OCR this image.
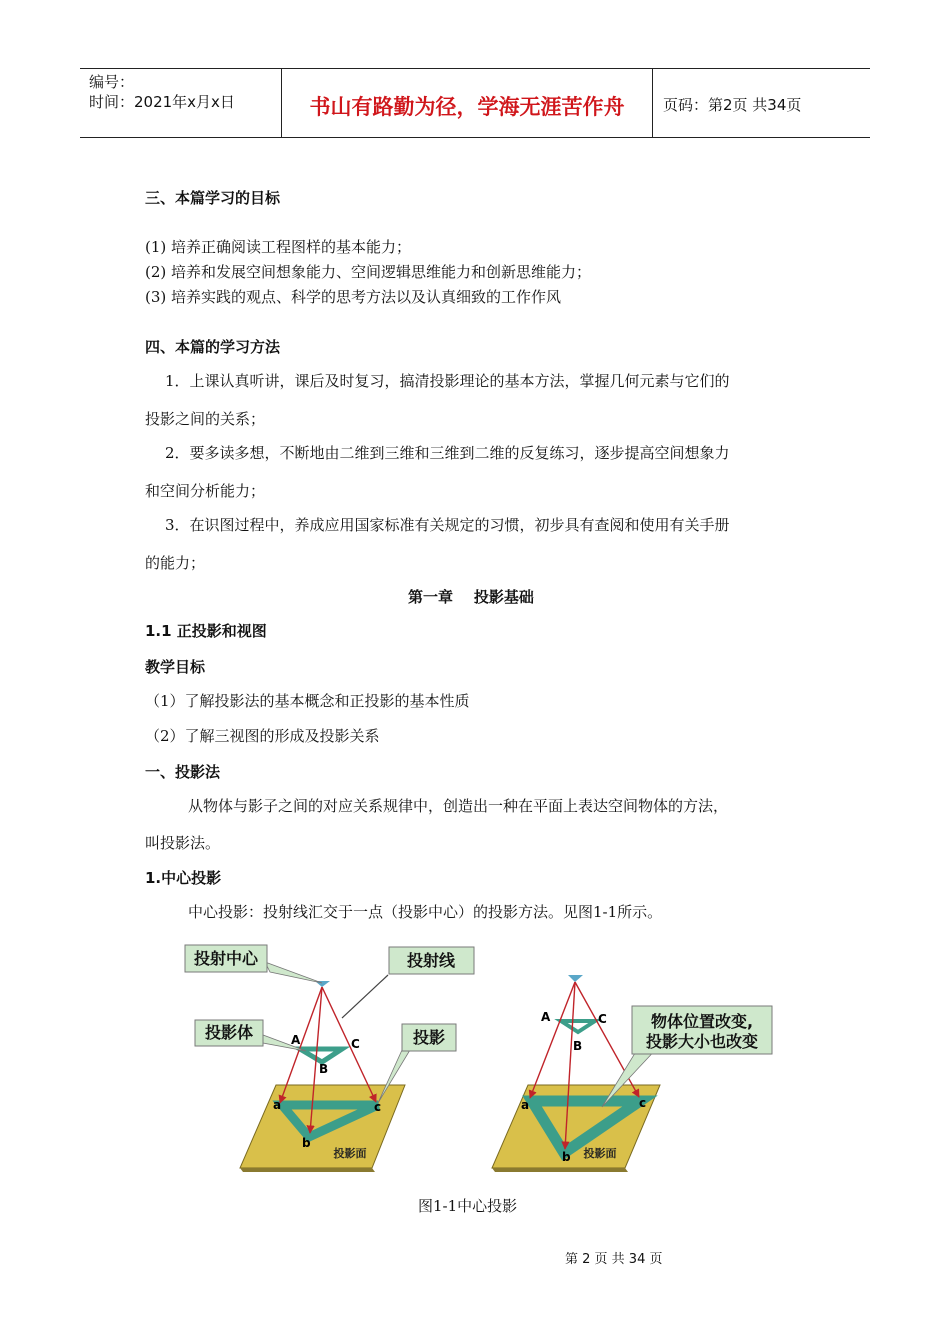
编号：
时间：2021年x月x日	书山有路勤为径，学海无涯苦作舟	页码：第2页 共34页
三、本篇学习的目标
(1) 培养正确阅读工程图样的基本能力；
(2) 培养和发展空间想象能力、空间逻辑思维能力和创新思维能力；
(3) 培养实践的观点、科学的思考方法以及认真细致的工作作风
四、本篇的学习方法
1．上课认真听讲，课后及时复习，搞清投影理论的基本方法，掌握几何元素与它们的
投影之间的关系；
2．要多读多想，不断地由二维到三维和三维到二维的反复练习，逐步提高空间想象力
和空间分析能力；
3．在识图过程中，养成应用国家标准有关规定的习惯，初步具有查阅和使用有关手册
的能力；
第一章    投影基础
1.1 正投影和视图
教学目标
（1）了解投影法的基本概念和正投影的基本性质
（2）了解三视图的形成及投影关系
一、投影法
从物体与影子之间的对应关系规律中，创造出一种在平面上表达空间物体的方法，
叫投影法。
1.中心投影
中心投影：投射线汇交于一点（投影中心）的投影方法。见图1-1所示。
投射中心	投射线
投影体	投影
投影面
A
B
C
a
b
c
物体位置改变,
投影大小也改变
投影面
A
B
C
a
b
c
图1-1中心投影
第 2 页 共 34 页
